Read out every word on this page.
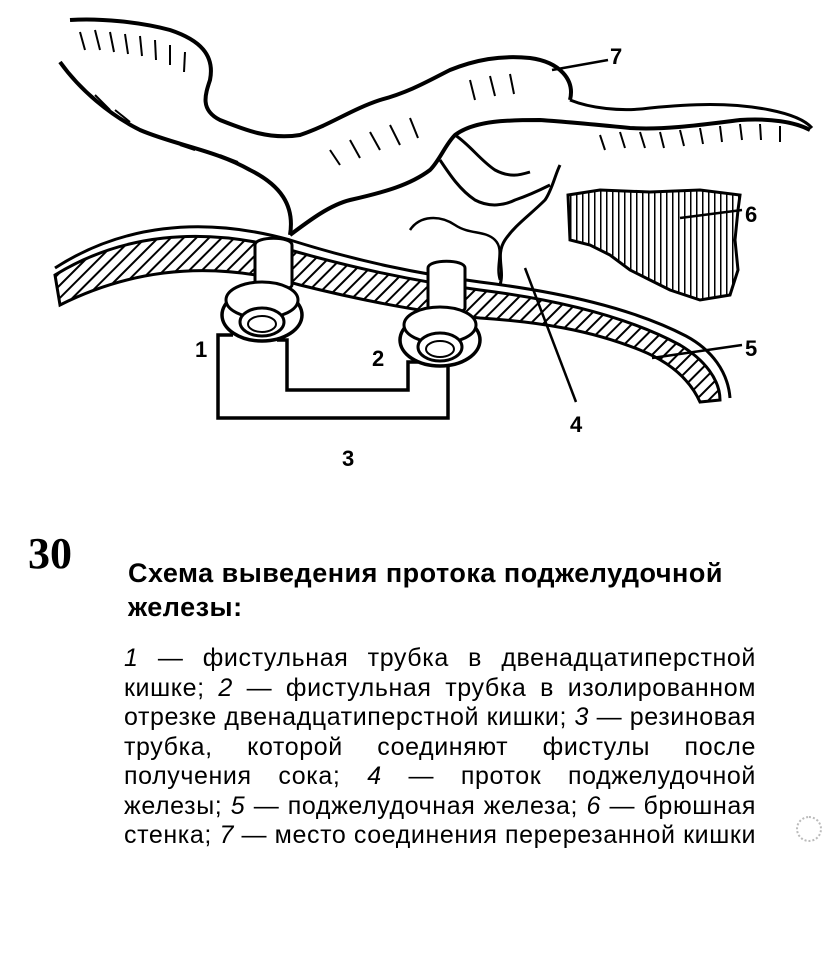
1	2
3
4
5
6
7
30 Схема выведения протока поджелудочной железы:
1 — фистульная трубка в двенадцатиперстной кишке; 2 — фистульная трубка в изолированном отрезке двенадцатиперстной кишки; 3 — резиновая трубка, которой соединяют фистулы после получения сока; 4 — проток поджелудочной железы; 5 — поджелудочная железа; 6 — брюшная стенка; 7 — место соединения перерезанной кишки
